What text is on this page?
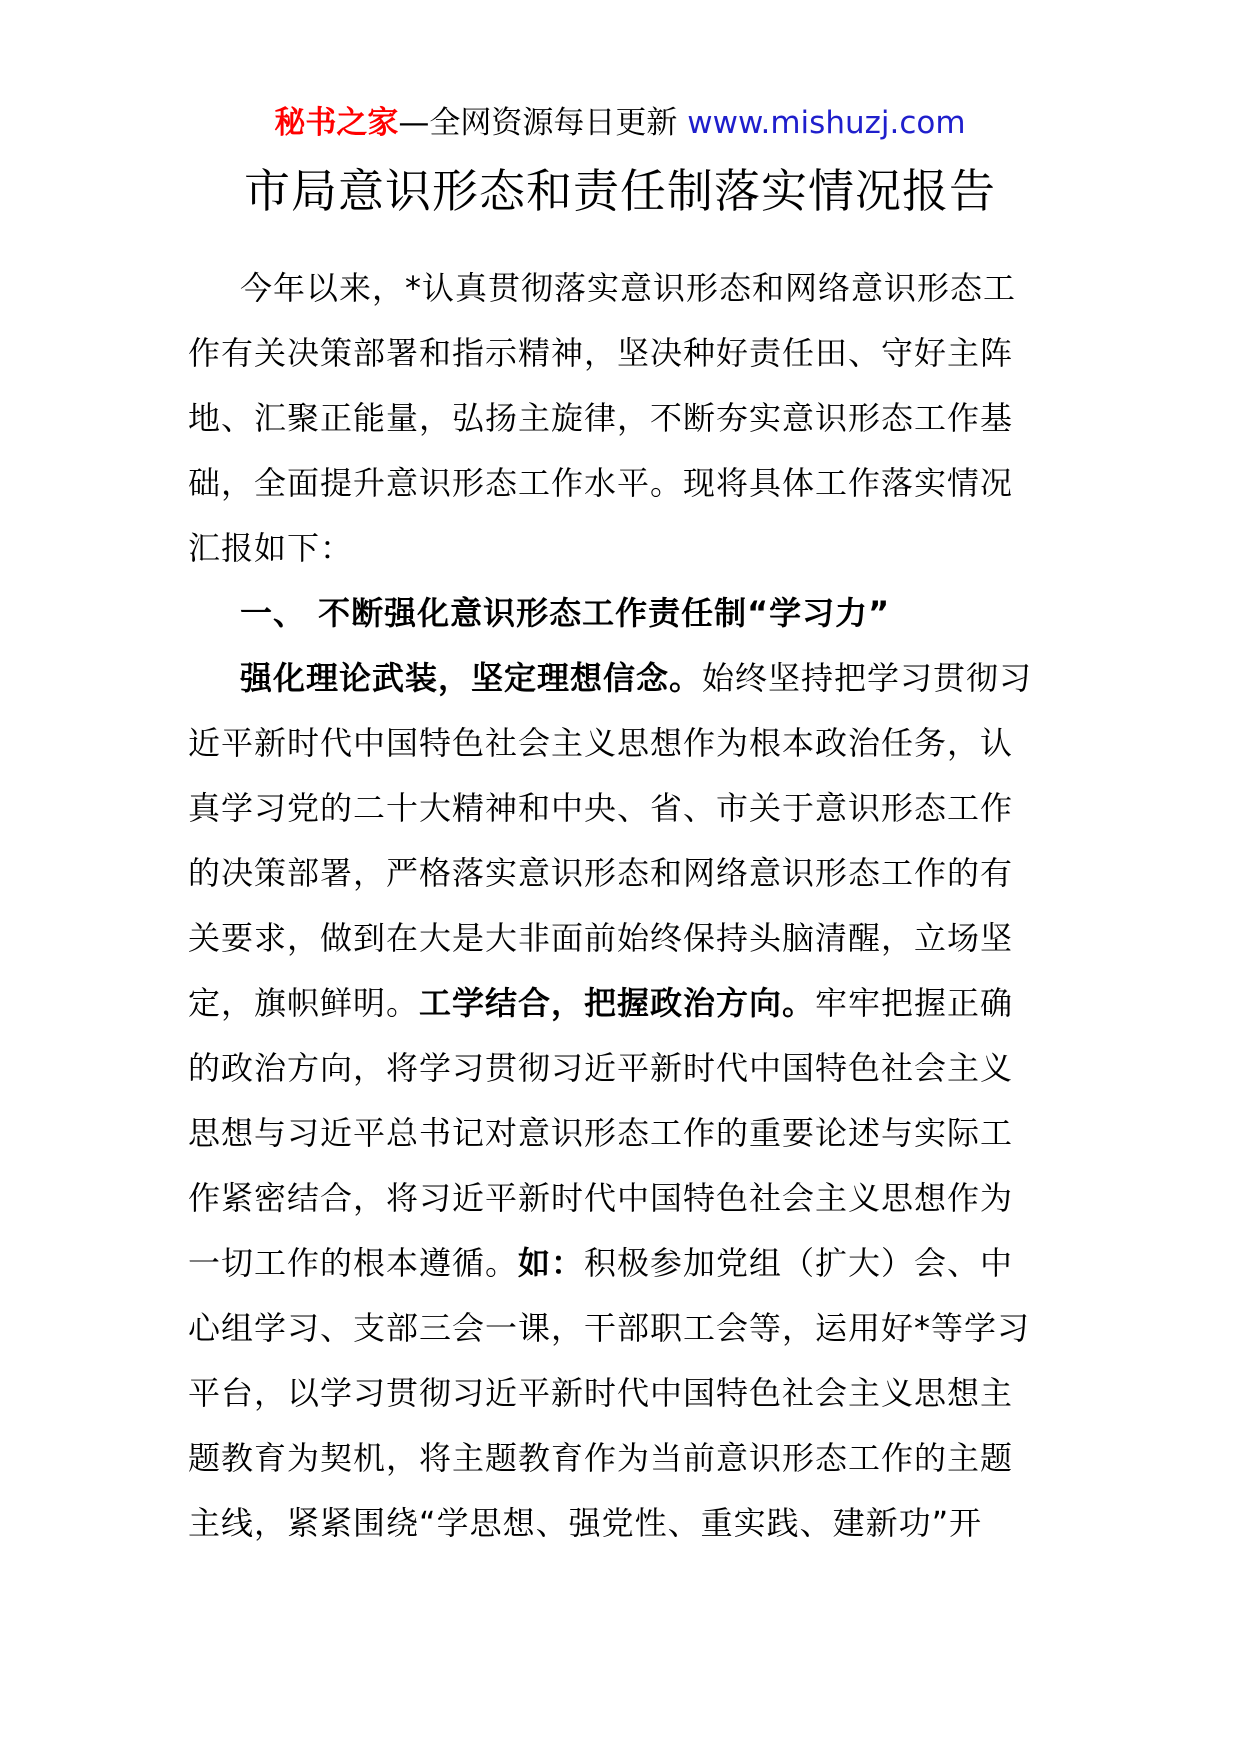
秘书之家—全网资源每日更新 www.mishuzj.com
市局意识形态和责任制落实情况报告
今年以来，*认真贯彻落实意识形态和网络意识形态工
作有关决策部署和指示精神，坚决种好责任田、守好主阵
地、汇聚正能量，弘扬主旋律，不断夯实意识形态工作基
础，全面提升意识形态工作水平。现将具体工作落实情况
汇报如下：
一、 不断强化意识形态工作责任制“学习力”
强化理论武装，坚定理想信念。始终坚持把学习贯彻习
近平新时代中国特色社会主义思想作为根本政治任务，认
真学习党的二十大精神和中央、省、市关于意识形态工作
的决策部署，严格落实意识形态和网络意识形态工作的有
关要求，做到在大是大非面前始终保持头脑清醒，立场坚
定，旗帜鲜明。工学结合，把握政治方向。牢牢把握正确
的政治方向，将学习贯彻习近平新时代中国特色社会主义
思想与习近平总书记对意识形态工作的重要论述与实际工
作紧密结合，将习近平新时代中国特色社会主义思想作为
一切工作的根本遵循。如：积极参加党组（扩大）会、中
心组学习、支部三会一课，干部职工会等，运用好*等学习
平台，以学习贯彻习近平新时代中国特色社会主义思想主
题教育为契机，将主题教育作为当前意识形态工作的主题
主线，紧紧围绕“学思想、强党性、重实践、建新功”开
